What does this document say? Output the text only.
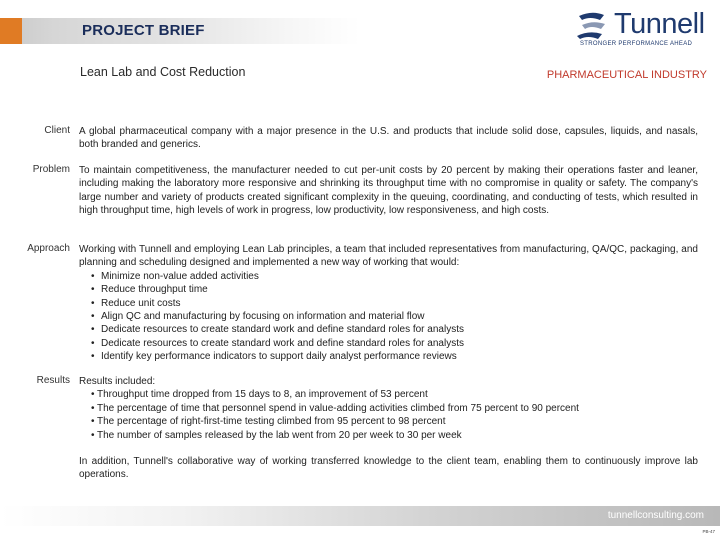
PROJECT BRIEF	Tunnell
STRONGER PERFORMANCE AHEAD
Lean Lab and Cost Reduction	PHARMACEUTICAL INDUSTRY
Client A global pharmaceutical company with a major presence in the U.S. and products that include solid dose, capsules, liquids, and nasals, both branded and generics.
Problem To maintain competitiveness, the manufacturer needed to cut per-unit costs by 20 percent by making their operations faster and leaner, including making the laboratory more responsive and shrinking its throughput time with no compromise in quality or safety. The company's large number and variety of products created significant complexity in the queuing, coordinating, and conducting of tests, which resulted in high throughput time, high levels of work in progress, low productivity, low responsiveness, and high costs.
Approach Working with Tunnell and employing Lean Lab principles, a team that included representatives from manufacturing, QA/QC, packaging, and planning and scheduling designed and implemented a new way of working that would:
• Minimize non-value added activities
• Reduce throughput time
• Reduce unit costs
• Align QC and manufacturing by focusing on information and material flow
• Dedicate resources to create standard work and define standard roles for analysts
• Dedicate resources to create standard work and define standard roles for analysts
• Identify key performance indicators to support daily analyst performance reviews
Results Results included:
• Throughput time dropped from 15 days to 8, an improvement of 53 percent
• The percentage of time that personnel spend in value-adding activities climbed from 75 percent to 90 percent
• The percentage of right-first-time testing climbed from 95 percent to 98 percent
• The number of samples released by the lab went from 20 per week to 30 per week
In addition, Tunnell's collaborative way of working transferred knowledge to the client team, enabling them to continuously improve lab operations.
tunnellconsulting.com
PB-47
